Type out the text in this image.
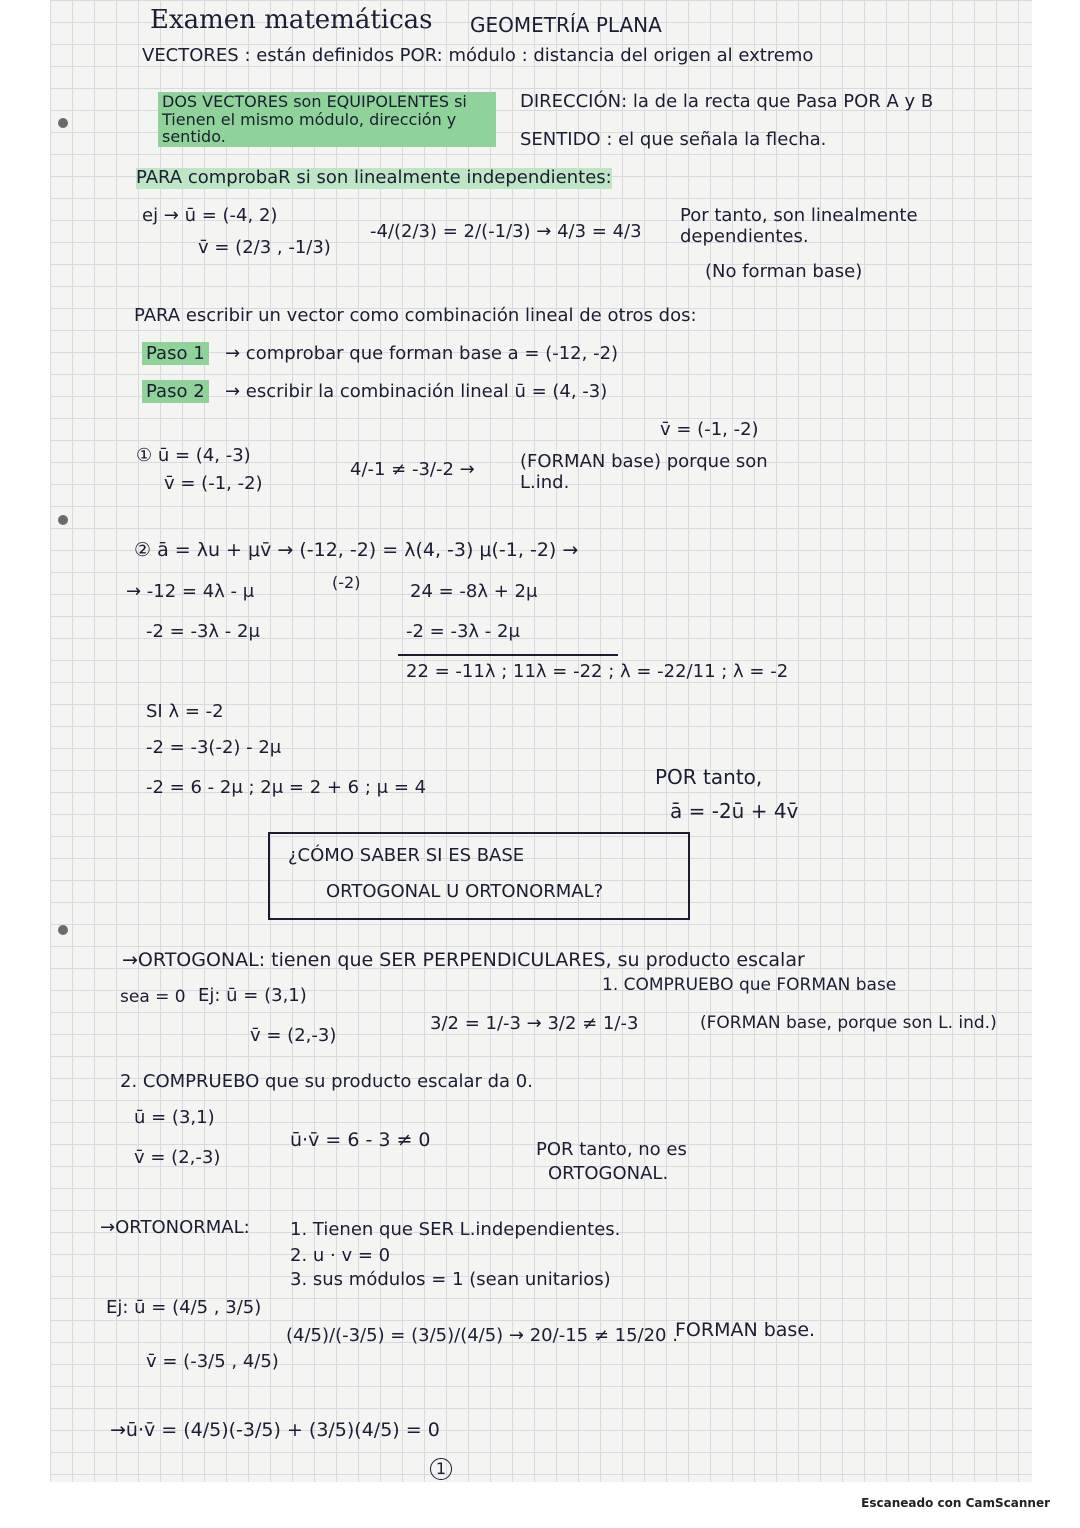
Examen matemáticas GEOMETRÍA PLANA
VECTORES : están definidos POR: módulo : distancia del origen al extremo
DOS VECTORES son EQUIPOLENTES si Tienen el mismo módulo, dirección y sentido.
DIRECCIÓN: la de la recta que Pasa POR A y B
SENTIDO : el que señala la flecha.
PARA comprobaR si son linealmente independientes:
ej → ū = (-4, 2)
v̄ = (2/3 , -1/3)
-4/(2/3) = 2/(-1/3) → 4/3 = 4/3
Por tanto, son linealmente dependientes.
(No forman base)
PARA escribir un vector como combinación lineal de otros dos:
Paso 1 → comprobar que forman base a = (-12, -2)
Paso 2 → escribir la combinación lineal ū = (4, -3)
v̄ = (-1, -2)
① ū = (4, -3)
v̄ = (-1, -2)
4/-1 ≠ -3/-2 →	(FORMAN base) porque son L.ind.
② ā = λu + μv̄ → (-12, -2) = λ(4, -3) μ(-1, -2) →
→ -12 = 4λ - μ	(-2)	24 = -8λ + 2μ
-2 = -3λ - 2μ	-2 = -3λ - 2μ
22 = -11λ ; 11λ = -22 ; λ = -22/11 ; λ = -2
SI λ = -2
-2 = -3(-2) - 2μ
-2 = 6 - 2μ ; 2μ = 2 + 6 ; μ = 4	POR tanto,
ā = -2ū + 4v̄
¿CÓMO SABER SI ES BASE
ORTOGONAL U ORTONORMAL?
→ORTOGONAL: tienen que SER PERPENDICULARES, su producto escalar
sea = 0 Ej: ū = (3,1)
v̄ = (2,-3)
1. COMPRUEBO que FORMAN base
3/2 = 1/-3 → 3/2 ≠ 1/-3	(FORMAN base, porque son L. ind.)
2. COMPRUEBO que su producto escalar da 0.
ū = (3,1)
v̄ = (2,-3)
ū·v̄ = 6 - 3 ≠ 0	POR tanto, no es
ORTOGONAL.
→ORTONORMAL: 1. Tienen que SER L.independientes.
2. u · v = 0
3. sus módulos = 1 (sean unitarios)
Ej: ū = (4/5 , 3/5)
v̄ = (-3/5 , 4/5)
(4/5)/(-3/5) = (3/5)/(4/5) → 20/-15 ≠ 15/20 .
FORMAN base.
→ū·v̄ = (4/5)(-3/5) + (3/5)(4/5) = 0
1
Escaneado con CamScanner
